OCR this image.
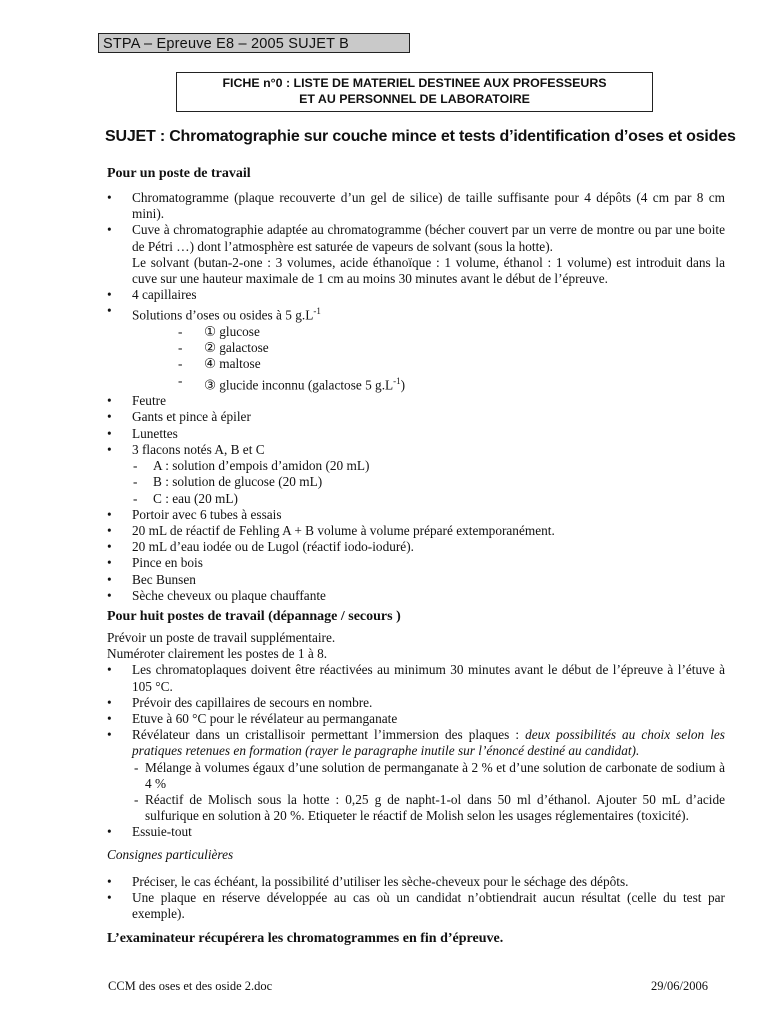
STPA – Epreuve E8 – 2005 SUJET B
FICHE n°0 : LISTE DE MATERIEL DESTINEE AUX PROFESSEURS
ET AU PERSONNEL DE LABORATOIRE
SUJET : Chromatographie sur couche mince et tests d’identification d’oses et osides
Pour un poste de travail
• Chromatogramme (plaque recouverte d’un gel de silice) de taille suffisante pour 4 dépôts (4 cm par 8 cm mini).
• Cuve à chromatographie adaptée au chromatogramme (bécher couvert par un verre de montre ou par une boite de Pétri …) dont l’atmosphère est saturée de vapeurs de solvant (sous la hotte).
Le solvant (butan-2-one : 3 volumes, acide éthanoïque : 1 volume, éthanol : 1 volume) est introduit dans la cuve sur une hauteur maximale de 1 cm au moins 30 minutes avant le début de l’épreuve.
• 4 capillaires
• Solutions d’oses ou osides à 5 $g.L^{-1}$
- ① glucose
- ② galactose
- ④ maltose
- ③ glucide inconnu (galactose 5 $g.L^{-1}$)
• Feutre
• Gants et pince à épiler
• Lunettes
• 3 flacons notés A, B et C
- A : solution d’empois d’amidon (20 mL)
- B : solution de glucose (20 mL)
- C : eau (20 mL)
• Portoir avec 6 tubes à essais
• 20 mL de réactif de Fehling A + B volume à volume préparé extemporanément.
• 20 mL d’eau iodée ou de Lugol (réactif iodo-ioduré).
• Pince en bois
• Bec Bunsen
• Sèche cheveux ou plaque chauffante
Pour huit postes de travail (dépannage / secours )

Prévoir un poste de travail supplémentaire.

Numéroter clairement les postes de 1 à 8.

• Les chromatoplaques doivent être réactivées au minimum 30 minutes avant le début de l’épreuve à l’étuve à 105 °C.
• Prévoir des capillaires de secours en nombre.
• Etuve à 60 °C pour le révélateur au permanganate
• Révélateur dans un cristallisoir permettant l’immersion des plaques : deux possibilités au choix selon les pratiques retenues en formation (rayer le paragraphe inutile sur l’énoncé destiné au candidat).
- Mélange à volumes égaux d’une solution de permanganate à 2 % et d’une solution de carbonate de sodium à 4 %
- Réactif de Molisch sous la hotte : 0,25 g de napht-1-ol dans 50 ml d’éthanol. Ajouter 50 mL d’acide sulfurique en solution à 20 %. Etiqueter le réactif de Molish selon les usages réglementaires (toxicité).
• Essuie-tout
Consignes particulières
• Préciser, le cas échéant, la possibilité d’utiliser les sèche-cheveux pour le séchage des dépôts.
• Une plaque en réserve développée au cas où un candidat n’obtiendrait aucun résultat (celle du test par exemple).
L’examinateur récupérera les chromatogrammes en fin d’épreuve.
CCM des oses et des oside 2.doc	29/06/2006
